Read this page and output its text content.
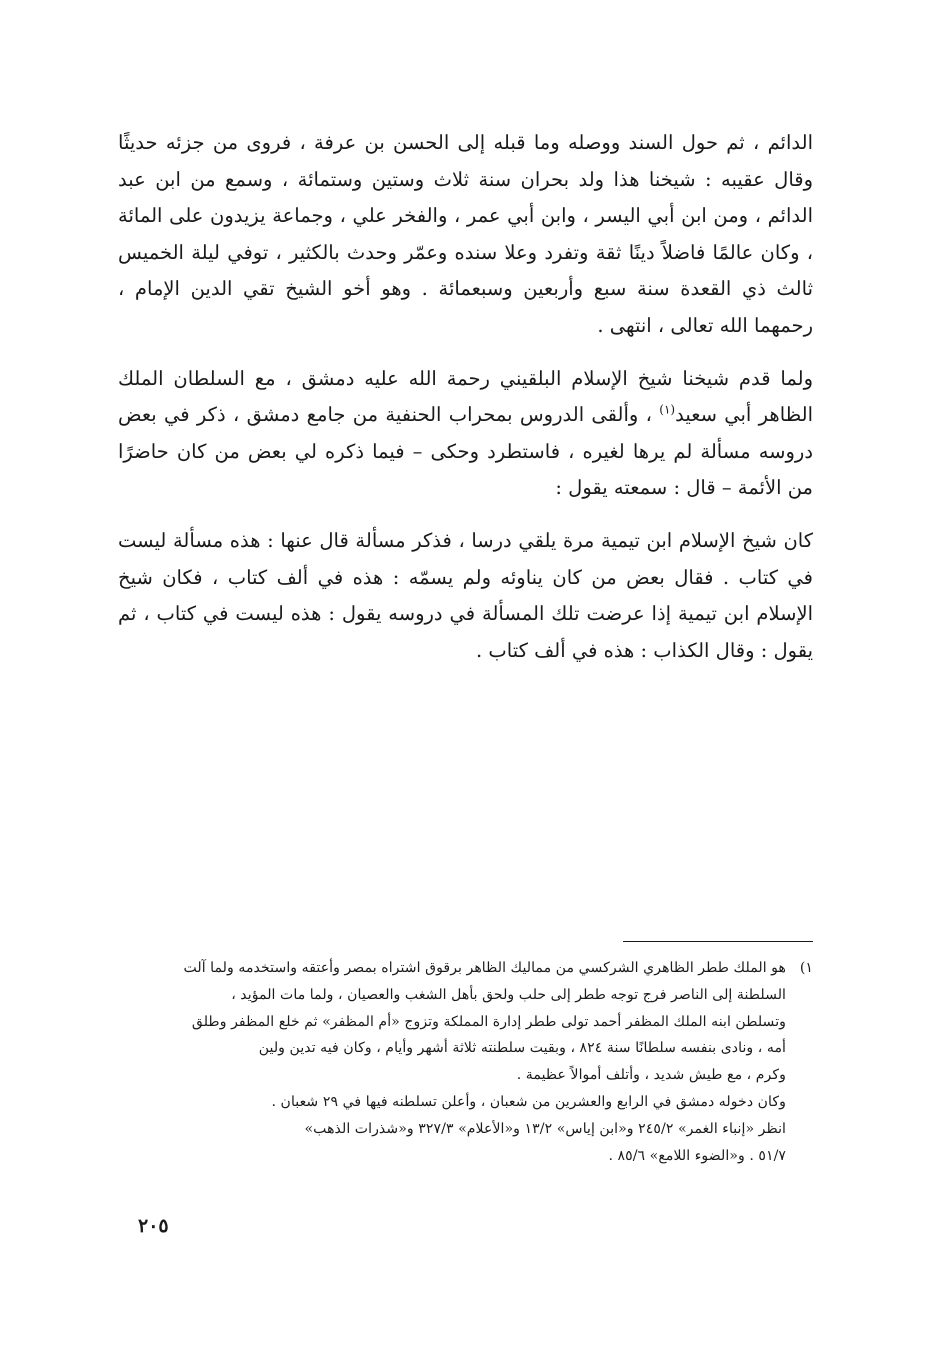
الدائم ، ثم حول السند ووصله وما قبله إلى الحسن بن عرفة ، فروى من جزئه حديثًا وقال عقيبه : شيخنا هذا ولد بحران سنة ثلاث وستين وستمائة ، وسمع من ابن عبد الدائم ، ومن ابن أبي اليسر ، وابن أبي عمر ، والفخر علي ، وجماعة يزيدون على المائة ، وكان عالمًا فاضلاً دينًا ثقة وتفرد وعلا سنده وعمّر وحدث بالكثير ، توفي ليلة الخميس ثالث ذي القعدة سنة سبع وأربعين وسبعمائة . وهو أخو الشيخ تقي الدين الإمام ، رحمهما الله تعالى ، انتهى .

ولما قدم شيخنا شيخ الإسلام البلقيني رحمة الله عليه دمشق ، مع السلطان الملك الظاهر أبي سعيد$^{(١)}$ ، وألقى الدروس بمحراب الحنفية من جامع دمشق ، ذكر في بعض دروسه مسألة لم يرها لغيره ، فاستطرد وحكى – فيما ذكره لي بعض من كان حاضرًا من الأئمة – قال : سمعته يقول :

كان شيخ الإسلام ابن تيمية مرة يلقي درسا ، فذكر مسألة قال عنها : هذه مسألة ليست في كتاب . فقال بعض من كان يناوئه ولم يسمّه : هذه في ألف كتاب ، فكان شيخ الإسلام ابن تيمية إذا عرضت تلك المسألة في دروسه يقول : هذه ليست في كتاب ، ثم يقول : وقال الكذاب : هذه في ألف كتاب .

١)
هو الملك ططر الظاهري الشركسي من مماليك الظاهر برقوق اشتراه بمصر وأعتقه واستخدمه ولما آلت
السلطنة إلى الناصر فرج توجه ططر إلى حلب ولحق بأهل الشغب والعصيان ، ولما مات المؤيد ،
وتسلطن ابنه الملك المظفر أحمد تولى ططر إدارة المملكة وتزوج «أم المظفر» ثم خلع المظفر وطلق
أمه ، ونادى بنفسه سلطانًا سنة ٨٢٤ ، وبقيت سلطنته ثلاثة أشهر وأيام ، وكان فيه تدين ولين
وكرم ، مع طيش شديد ، وأتلف أموالاً عظيمة .
وكان دخوله دمشق في الرابع والعشرين من شعبان ، وأعلن تسلطنه فيها في ٢٩ شعبان .
انظر «إنباء الغمر» ٢٤٥/٢ و«ابن إياس» ١٣/٢ و«الأعلام» ٣٢٧/٣ و«شذرات الذهب»
٥١/٧ . و«الضوء اللامع» ٨٥/٦ .
٢٠٥
